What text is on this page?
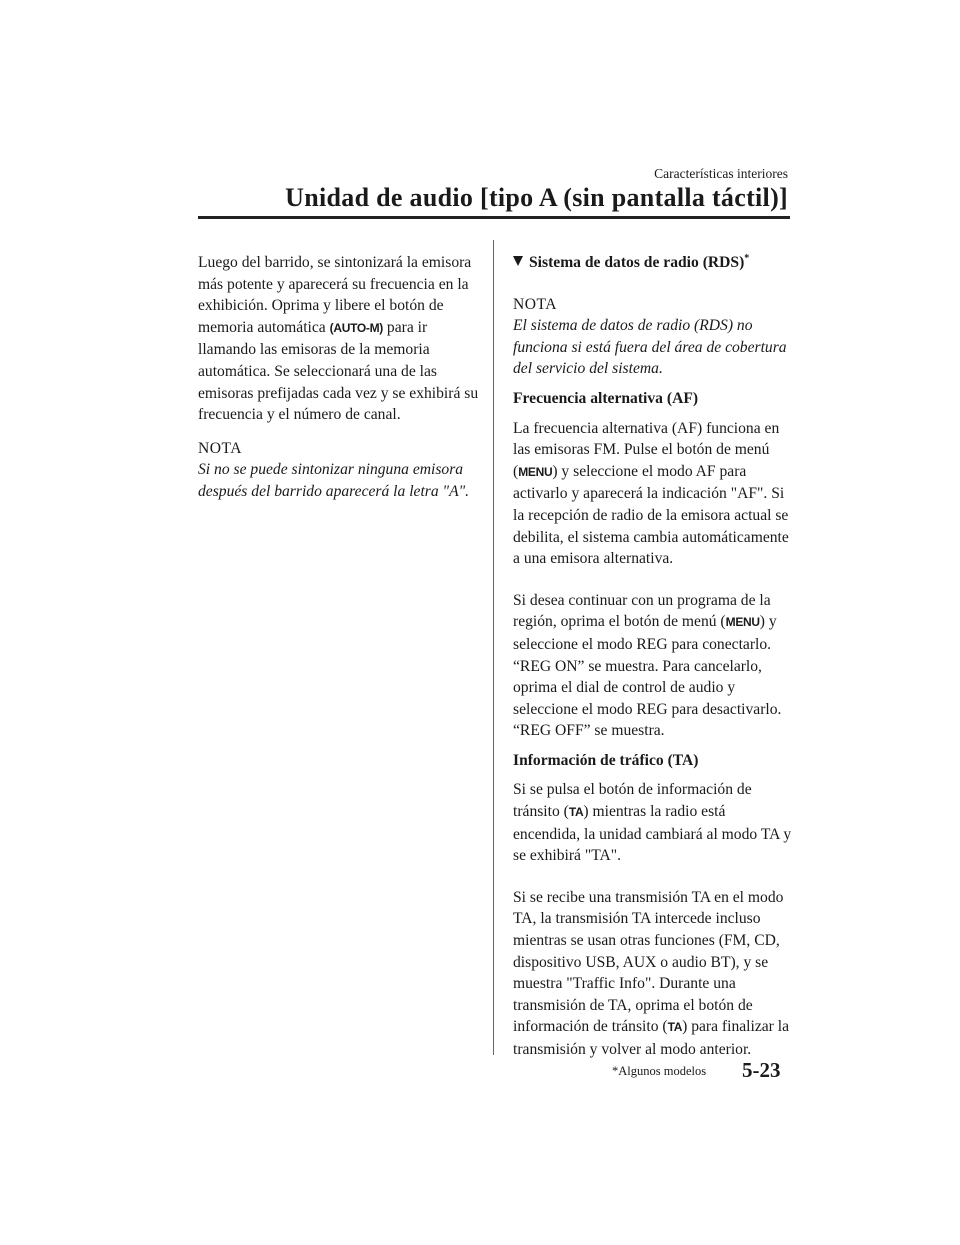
Características interiores
Unidad de audio [tipo A (sin pantalla táctil)]

Luego del barrido, se sintonizará la emisora más potente y aparecerá su frecuencia en la exhibición. Oprima y libere el botón de memoria automática (AUTO-M) para ir llamando las emisoras de la memoria automática. Se seleccionará una de las emisoras prefijadas cada vez y se exhibirá su frecuencia y el número de canal.

NOTA

Si no se puede sintonizar ninguna emisora después del barrido aparecerá la letra "A".

Sistema de datos de radio (RDS)*

NOTA

El sistema de datos de radio (RDS) no funciona si está fuera del área de cobertura del servicio del sistema.

Frecuencia alternativa (AF)

La frecuencia alternativa (AF) funciona en las emisoras FM. Pulse el botón de menú (MENU) y seleccione el modo AF para activarlo y aparecerá la indicación "AF". Si la recepción de radio de la emisora actual se debilita, el sistema cambia automáticamente a una emisora alternativa.

Si desea continuar con un programa de la región, oprima el botón de menú (MENU) y seleccione el modo REG para conectarlo. “REG ON” se muestra. Para cancelarlo, oprima el dial de control de audio y seleccione el modo REG para desactivarlo. “REG OFF” se muestra.

Información de tráfico (TA)

Si se pulsa el botón de información de tránsito (TA) mientras la radio está encendida, la unidad cambiará al modo TA y se exhibirá "TA".

Si se recibe una transmisión TA en el modo TA, la transmisión TA intercede incluso mientras se usan otras funciones (FM, CD, dispositivo USB, AUX o audio BT), y se muestra "Traffic Info". Durante una transmisión de TA, oprima el botón de información de tránsito (TA) para finalizar la transmisión y volver al modo anterior.

*Algunos modelos 5-23
